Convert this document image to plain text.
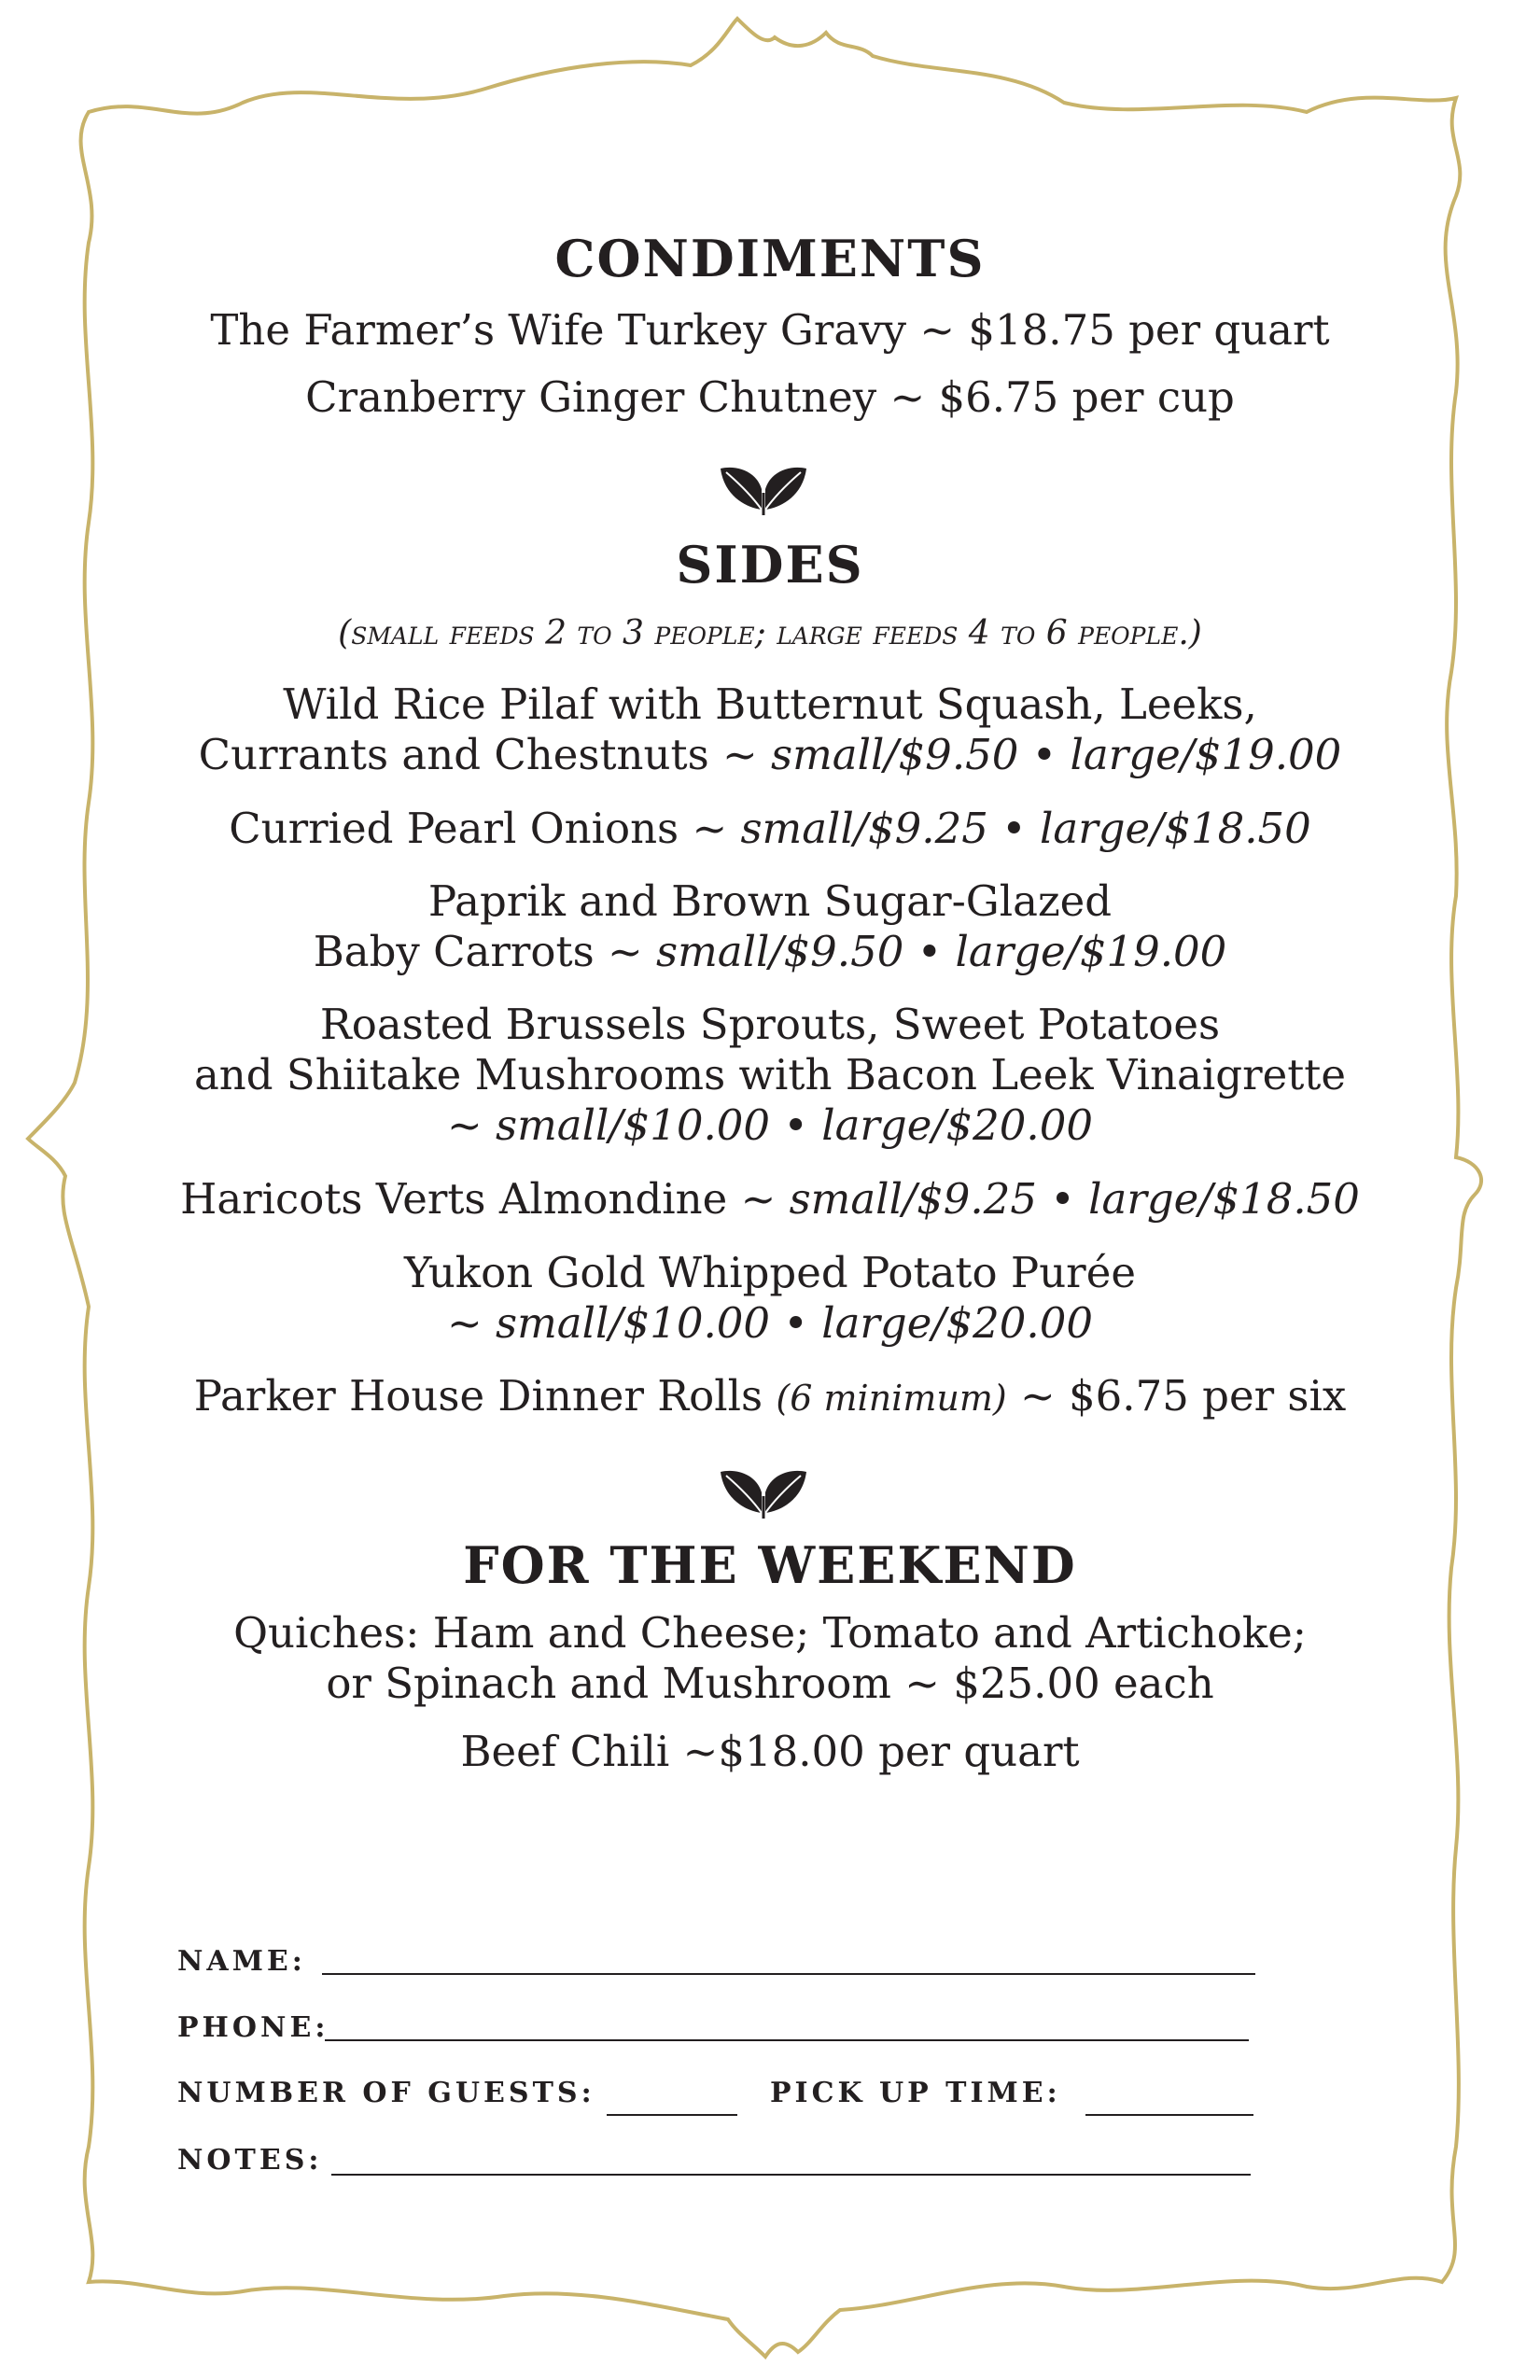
CONDIMENTS
The Farmer’s Wife Turkey Gravy ~ $18.75 per quart
Cranberry Ginger Chutney ~ $6.75 per cup
SIDES
(small feeds 2 to 3 people; large feeds 4 to 6 people.)
Wild Rice Pilaf with Butternut Squash, Leeks,
Currants and Chestnuts ~ small/$9.50 • large/$19.00
Curried Pearl Onions ~ small/$9.25 • large/$18.50
Paprik and Brown Sugar-Glazed
Baby Carrots ~ small/$9.50 • large/$19.00
Roasted Brussels Sprouts, Sweet Potatoes
and Shiitake Mushrooms with Bacon Leek Vinaigrette
~ small/$10.00 • large/$20.00
Haricots Verts Almondine ~ small/$9.25 • large/$18.50
Yukon Gold Whipped Potato Purée
~ small/$10.00 • large/$20.00
Parker House Dinner Rolls (6 minimum) ~ $6.75 per six
FOR THE WEEKEND
Quiches: Ham and Cheese; Tomato and Artichoke;
or Spinach and Mushroom ~ $25.00 each
Beef Chili ~$18.00 per quart
NAME:
PHONE:
NUMBER OF GUESTS:	PICK UP TIME:
NOTES:
